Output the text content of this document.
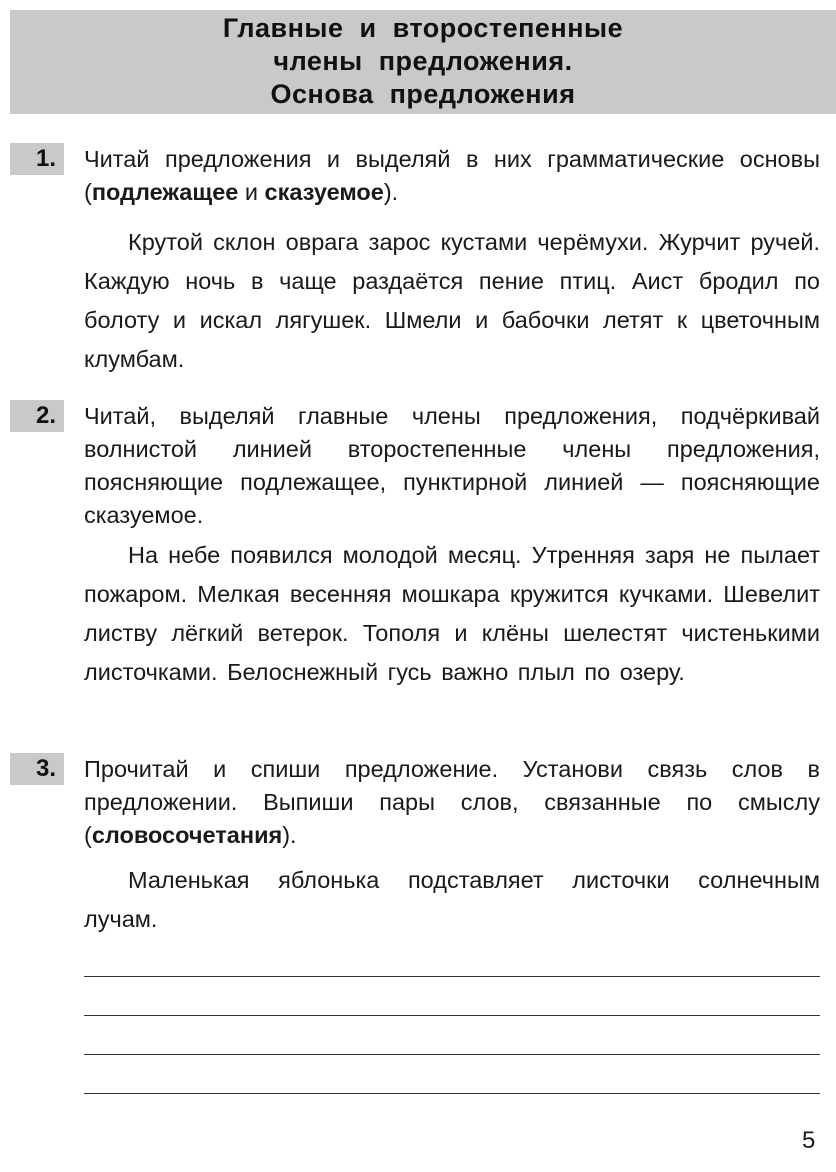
Главные и второстепенные
члены предложения.
Основа предложения
1. Читай предложения и выделяй в них грамматические основы (подлежащее и сказуемое).

Крутой склон оврага зарос кустами черёмухи. Журчит ручей. Каждую ночь в чаще раздаётся пение птиц. Аист бродил по болоту и искал лягушек. Шмели и бабочки летят к цветочным клумбам.

2. Читай, выделяй главные члены предложения, подчёркивай волнистой линией второстепенные члены предложения, поясняющие подлежащее, пунктирной линией — поясняющие сказуемое.

На небе появился молодой месяц. Утренняя заря не пылает пожаром. Мелкая весенняя мошкара кружится кучками. Шевелит листву лёгкий ветерок. Тополя и клёны шелестят чистенькими листочками. Белоснежный гусь важно плыл по озеру.

3. Прочитай и спиши предложение. Установи связь слов в предложении. Выпиши пары слов, связанные по смыслу (словосочетания).

Маленькая яблонька подставляет листочки солнечным лучам.

5
